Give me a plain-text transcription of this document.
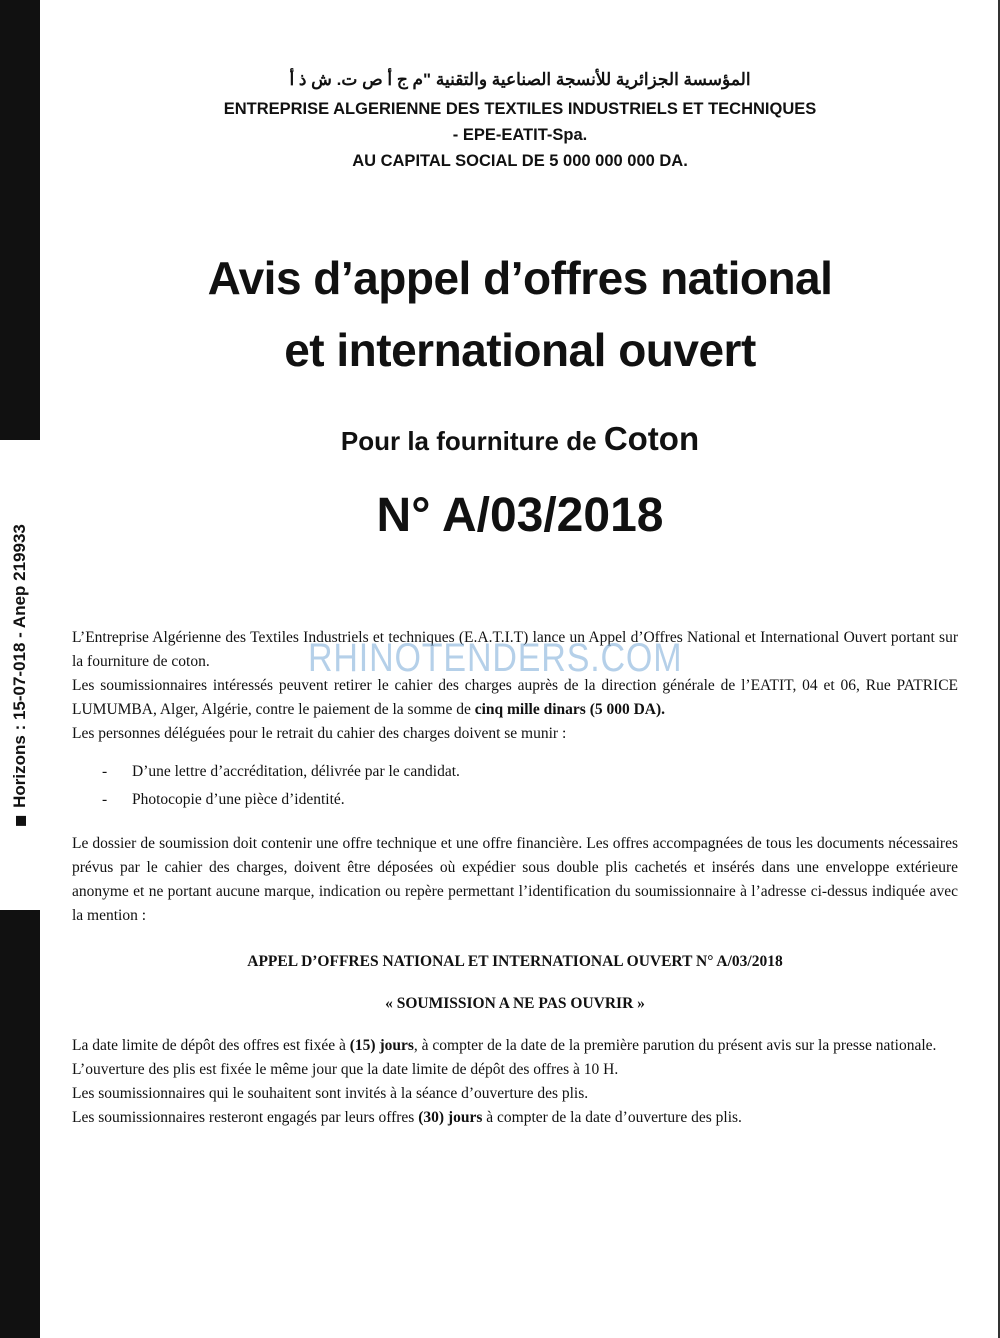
Horizons : 15-07-018 - Anep 219933

المؤسسة الجزائرية للأنسجة الصناعية والتقنية "م ج أ ص ت. ش ذ أ

ENTREPRISE ALGERIENNE DES TEXTILES INDUSTRIELS ET TECHNIQUES

- EPE-EATIT-Spa.

AU CAPITAL SOCIAL DE 5 000 000 000 DA.

Avis d’appel d’offres national
et international ouvert
Pour la fourniture de Coton
N° A/03/2018

L’Entreprise Algérienne des Textiles Industriels et techniques (E.A.T.I.T) lance un Appel d’Offres National et International Ouvert portant sur la fourniture de coton.

Les soumissionnaires intéressés peuvent retirer le cahier des charges auprès de la direction générale de l’EATIT, 04 et 06, Rue PATRICE LUMUMBA, Alger, Algérie, contre le paiement de la somme de cinq mille dinars (5 000 DA).

Les personnes déléguées pour le retrait du cahier des charges doivent se munir :

- D’une lettre d’accréditation, délivrée par le candidat.
- Photocopie d’une pièce d’identité.

Le dossier de soumission doit contenir une offre technique et une offre financière. Les offres accompagnées de tous les documents nécessaires prévus par le cahier des charges, doivent être déposées où expédier sous double plis cachetés et insérés dans une enveloppe extérieure anonyme et ne portant aucune marque, indication ou repère permettant l’identification du soumissionnaire à l’adresse ci-dessus indiquée avec la mention :

APPEL D’OFFRES NATIONAL ET INTERNATIONAL OUVERT N° A/03/2018

« SOUMISSION A NE PAS OUVRIR »

La date limite de dépôt des offres est fixée à (15) jours, à compter de la date de la première parution du présent avis sur la presse nationale.

L’ouverture des plis est fixée le même jour que la date limite de dépôt des offres à 10 H.

Les soumissionnaires qui le souhaitent sont invités à la séance d’ouverture des plis.

Les soumissionnaires resteront engagés par leurs offres (30) jours à compter de la date d’ouverture des plis.

RHINOTENDERS.COM
